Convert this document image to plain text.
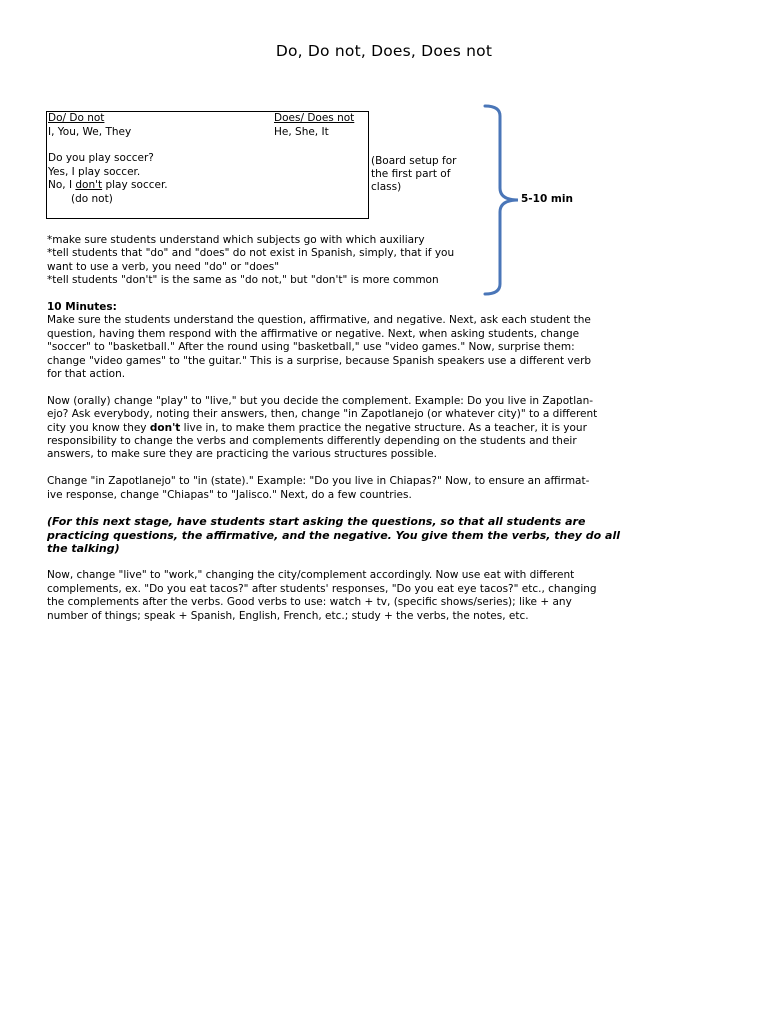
Do, Do not, Does, Does not
Do/ Do not
I, You, We, They
Does/ Does not
He, She, It
Do you play soccer?
Yes, I play soccer.
No, I don't play soccer.
(do not)
(Board setup for the first part of class)
5-10 min
*make sure students understand which subjects go with which auxiliary
*tell students that "do" and "does" do not exist in Spanish, simply, that if you
want to use a verb, you need "do" or "does"
*tell students "don't" is the same as "do not," but "don't" is more common
10 Minutes:

Make sure the students understand the question, affirmative, and negative. Next, ask each student the
question, having them respond with the affirmative or negative. Next, when asking students, change
"soccer" to "basketball." After the round using "basketball," use "video games." Now, surprise them:
change "video games" to "the guitar." This is a surprise, because Spanish speakers use a different verb
for that action.

Now (orally) change "play" to "live," but you decide the complement. Example: Do you live in Zapotlan-
ejo? Ask everybody, noting their answers, then, change "in Zapotlanejo (or whatever city)" to a different
city you know they don't live in, to make them practice the negative structure. As a teacher, it is your
responsibility to change the verbs and complements differently depending on the students and their
answers, to make sure they are practicing the various structures possible.

Change "in Zapotlanejo" to "in (state)." Example: "Do you live in Chiapas?" Now, to ensure an affirmat-
ive response, change "Chiapas" to "Jalisco." Next, do a few countries.

(For this next stage, have students start asking the questions, so that all students are
practicing questions, the affirmative, and the negative. You give them the verbs, they do all
the talking)

Now, change "live" to "work," changing the city/complement accordingly. Now use eat with different
complements, ex. "Do you eat tacos?" after students' responses, "Do you eat eye tacos?" etc., changing
the complements after the verbs. Good verbs to use: watch + tv, (specific shows/series); like + any
number of things; speak + Spanish, English, French, etc.; study + the verbs, the notes, etc.
